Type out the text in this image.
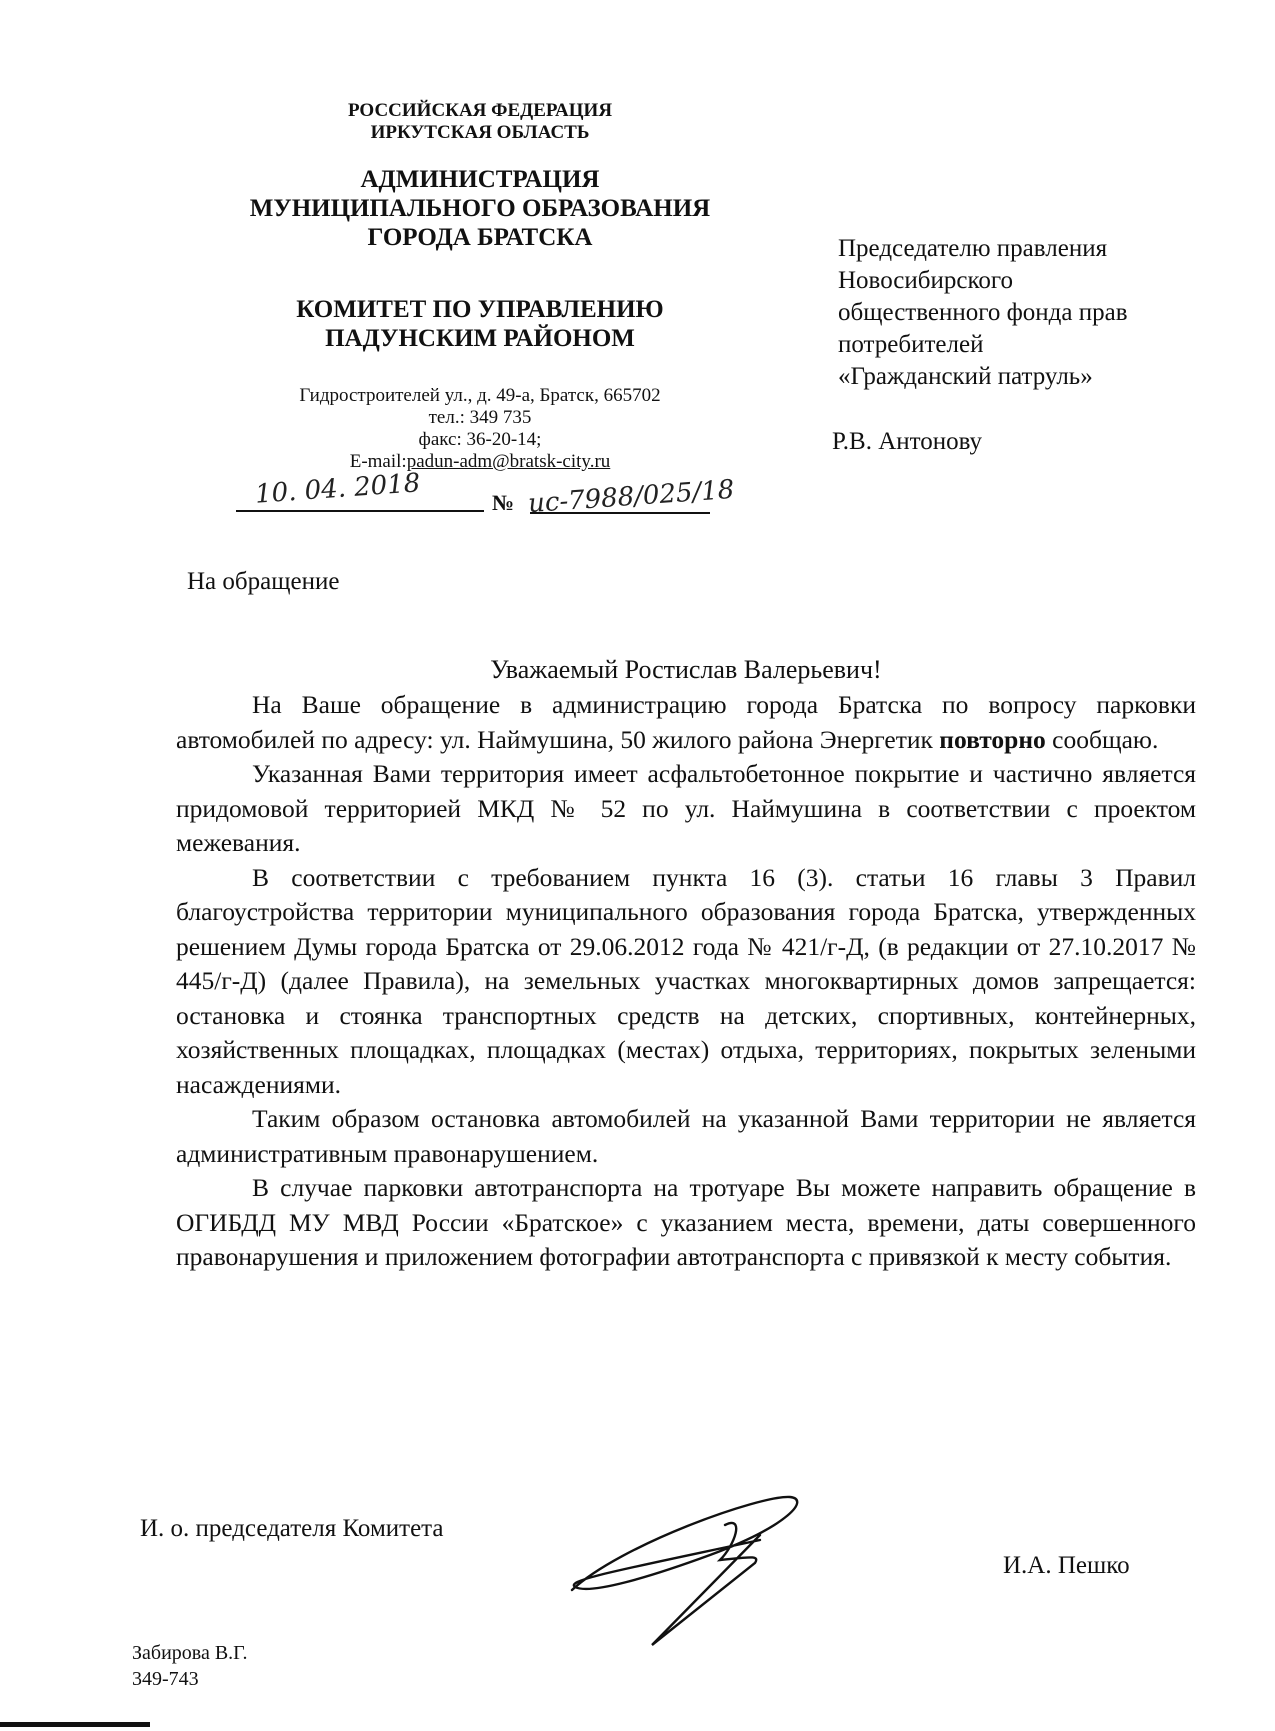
РОССИЙСКАЯ ФЕДЕРАЦИЯ
ИРКУТСКАЯ ОБЛАСТЬ
АДМИНИСТРАЦИЯ
МУНИЦИПАЛЬНОГО ОБРАЗОВАНИЯ
ГОРОДА БРАТСКА
КОМИТЕТ ПО УПРАВЛЕНИЮ
ПАДУНСКИМ РАЙОНОМ
Гидростроителей ул., д. 49-а, Братск, 665702
тел.: 349 735
факс: 36-20-14;
E-mail:padun-adm@bratsk-city.ru
10. 04. 2018	№ ис-7988/025/18
Председателю правления
Новосибирского
общественного фонда прав
потребителей
«Гражданский патруль»
Р.В. Антонову
На обращение
Уважаемый Ростислав Валерьевич!

На Ваше обращение в администрацию города Братска по вопросу парковки автомобилей по адресу: ул. Наймушина, 50 жилого района Энергетик повторно сообщаю.

Указанная Вами территория имеет асфальтобетонное покрытие и частично является придомовой территорией МКД № 52 по ул. Наймушина в соответствии с проектом межевания.

В соответствии с требованием пункта 16 (3). статьи 16 главы 3 Правил благоустройства территории муниципального образования города Братска, утвержденных решением Думы города Братска от 29.06.2012 года № 421/г-Д, (в редакции от 27.10.2017 № 445/г-Д) (далее Правила), на земельных участках многоквартирных домов запрещается: остановка и стоянка транспортных средств на детских, спортивных, контейнерных, хозяйственных площадках, площадках (местах) отдыха, территориях, покрытых зелеными насаждениями.

Таким образом остановка автомобилей на указанной Вами территории не является административным правонарушением.

В случае парковки автотранспорта на тротуаре Вы можете направить обращение в ОГИБДД МУ МВД России «Братское» с указанием места, времени, даты совершенного правонарушения и приложением фотографии автотранспорта с привязкой к месту события.

И. о. председателя Комитета
И.А. Пешко
Забирова В.Г.
349-743
